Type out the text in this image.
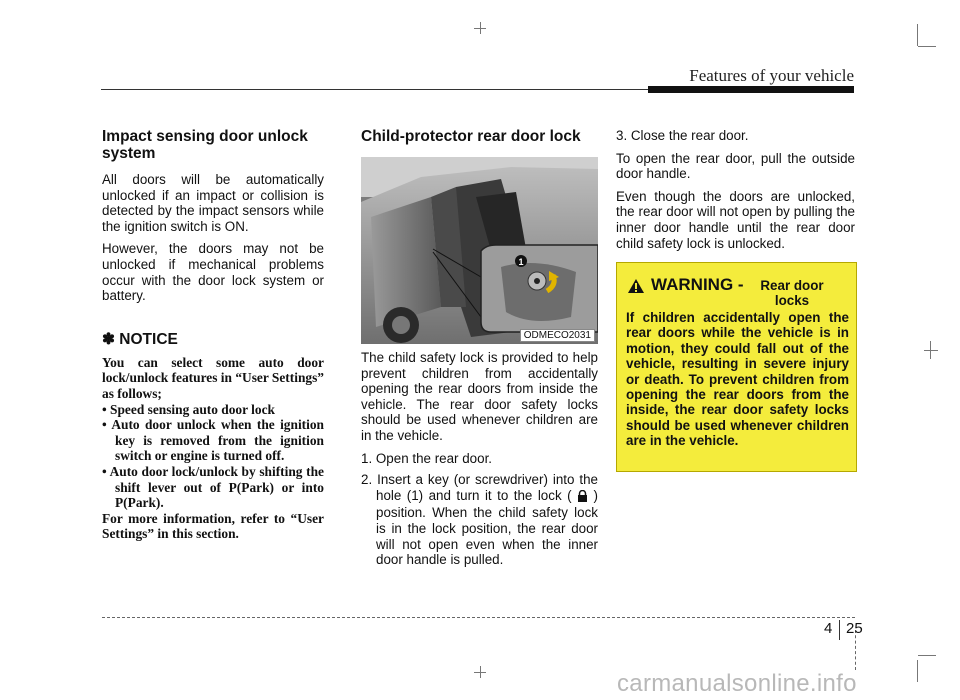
Features of your vehicle
Impact sensing door unlock system

All doors will be automatically unlocked if an impact or collision is detected by the impact sensors while the ignition switch is ON.

However, the doors may not be unlocked if mechanical problems occur with the door lock system or battery.

✽ NOTICE

You can select some auto door lock/unlock features in “User Settings” as follows;

• Speed sensing auto door lock

• Auto door unlock when the ignition key is removed from the ignition switch or engine is turned off.

• Auto door lock/unlock by shifting the shift lever out of P(Park) or into P(Park).

For more information, refer to “User Settings” in this section.

Child-protector rear door lock
1
ODMECO2031

The child safety lock is provided to help prevent children from accidentally opening the rear doors from inside the vehicle. The rear door safety locks should be used whenever children are in the vehicle.

1. Open the rear door.
2. Insert a key (or screwdriver) into the hole (1) and turn it to the lock ( ) position. When the child safety lock is in the lock position, the rear door will not open even when the inner door handle is pulled.

3. Close the rear door.

To open the rear door, pull the outside door handle.

Even though the doors are unlocked, the rear door will not open by pulling the inner door handle until the rear door child safety lock is unlocked.

WARNING -	Rear door locks
If children accidentally open the rear doors while the vehicle is in motion, they could fall out of the vehicle, resulting in severe injury or death. To prevent children from opening the rear doors from the inside, the rear door safety locks should be used whenever children are in the vehicle.
4 25
carmanualsonline.info
